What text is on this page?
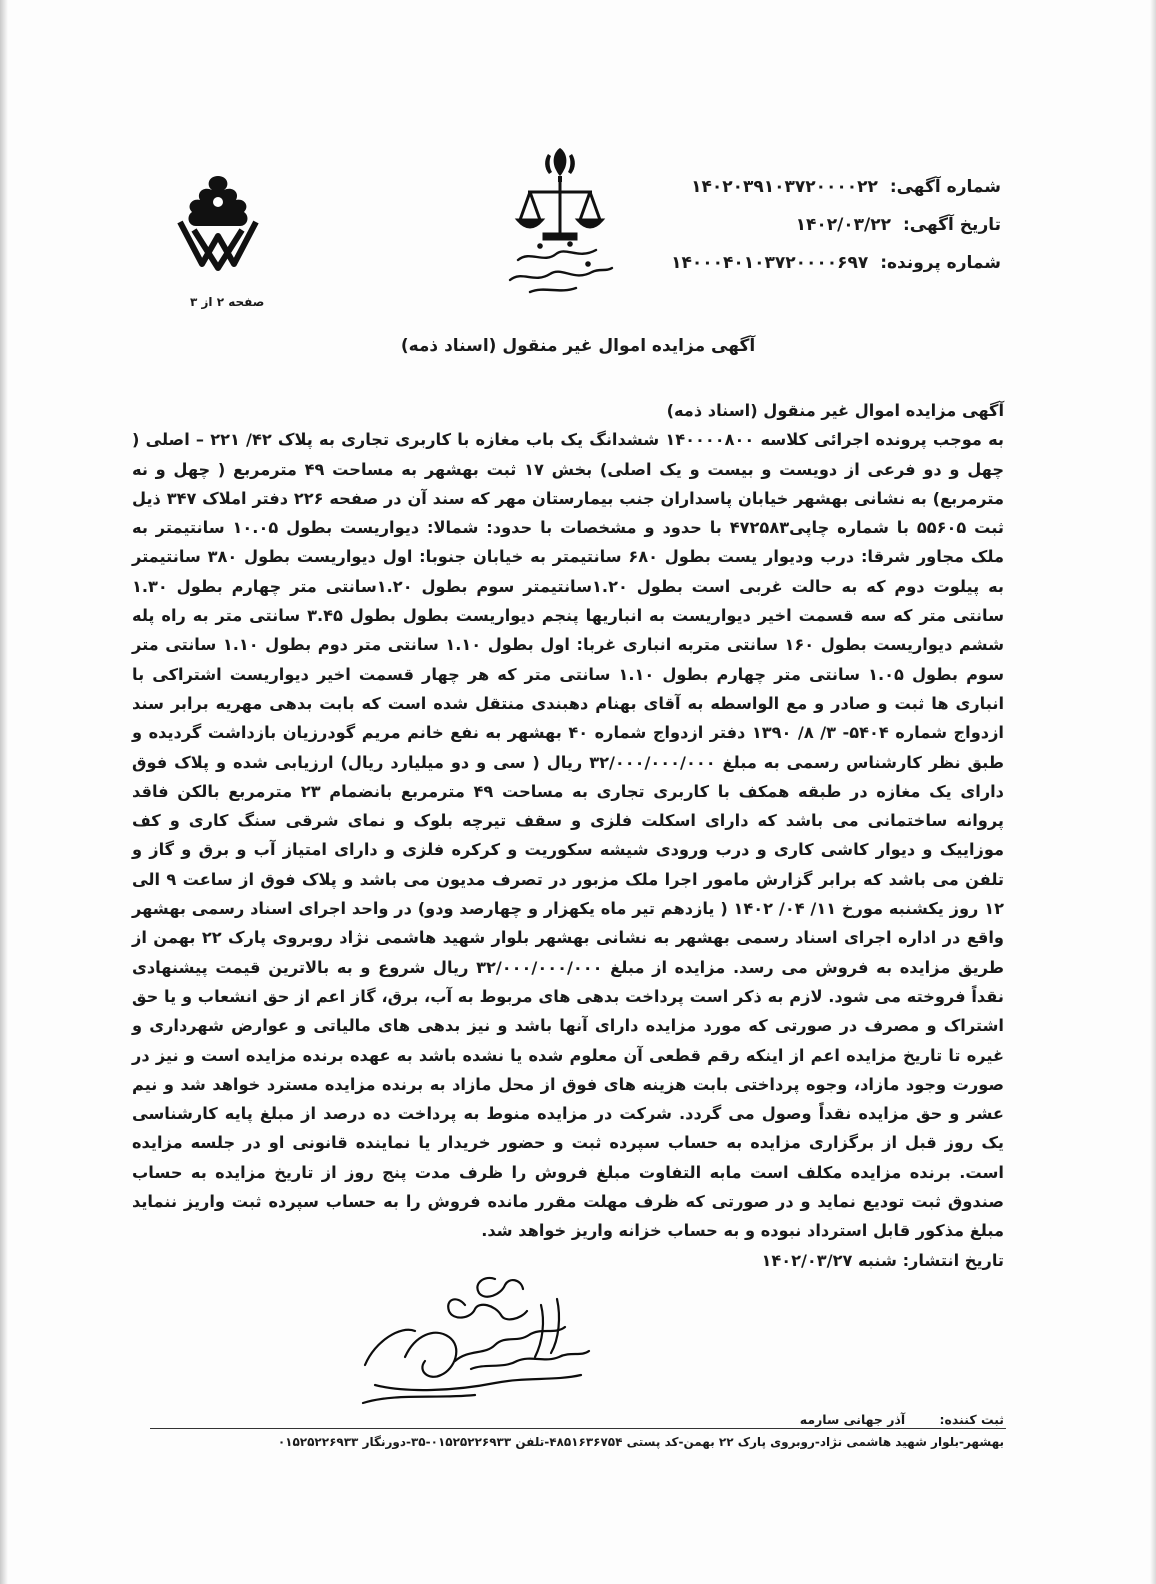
شماره آگهی: ۱۴۰۲۰۳۹۱۰۳۷۲۰۰۰۰۲۲
تاریخ آگهی: ۱۴۰۲/۰۳/۲۲
شماره پرونده: ۱۴۰۰۰۴۰۱۰۳۷۲۰۰۰۰۶۹۷
صفحه ۲ از ۳
آگهی مزایده اموال غیر منقول (اسناد ذمه)

آگهی مزایده اموال غیر منقول (اسناد ذمه)

به موجب پرونده اجرائی کلاسه ۱۴۰۰۰۰۸۰۰ ششدانگ یک باب مغازه با کاربری تجاری به پلاک ۴۲/ ۲۲۱ – اصلی ( چهل و دو فرعی از دویست و بیست و یک اصلی) بخش ۱۷ ثبت بهشهر به مساحت ۴۹ مترمربع ( چهل و نه مترمربع) به نشانی بهشهر خیابان پاسداران جنب بیمارستان مهر که سند آن در صفحه ۲۲۶ دفتر املاک ۳۴۷ ذیل ثبت ۵۵۶۰۵ با شماره چاپی۴۷۲۵۸۳ با حدود و مشخصات با حدود: شمالا: دیواریست بطول ۱۰.۰۵ سانتیمتر به ملک مجاور شرقا: درب ودیوار یست بطول ۶۸۰ سانتیمتر به خیابان جنوبا: اول دیواریست بطول ۳۸۰ سانتیمتر به پیلوت دوم که به حالت غربی است بطول ۱.۲۰سانتیمتر سوم بطول ۱.۲۰سانتی متر چهارم بطول ۱.۳۰ سانتی متر که سه قسمت اخیر دیواریست به انباریها پنجم دیواریست بطول بطول ۳.۴۵ سانتی متر به راه پله ششم دیواریست بطول ۱۶۰ سانتی متربه انباری غربا: اول بطول ۱.۱۰ سانتی متر دوم بطول ۱.۱۰ سانتی متر سوم بطول ۱.۰۵ سانتی متر چهارم بطول ۱.۱۰ سانتی متر که هر چهار قسمت اخیر دیواریست اشتراکی با انباری ها ثبت و صادر و مع الواسطه به آقای بهنام دهبندی منتقل شده است که بابت بدهی مهریه برابر سند ازدواج شماره ۵۴۰۴- ۳/ ۸/ ۱۳۹۰ دفتر ازدواج شماره ۴۰ بهشهر به نفع خانم مریم گودرزیان بازداشت گردیده و طبق نظر کارشناس رسمی به مبلغ ۳۲/۰۰۰/۰۰۰/۰۰۰ ریال ( سی و دو میلیارد ریال) ارزیابی شده و پلاک فوق دارای یک مغازه در طبقه همکف با کاربری تجاری به مساحت ۴۹ مترمربع بانضمام ۲۳ مترمربع بالکن فاقد پروانه ساختمانی می باشد که دارای اسکلت فلزی و سقف تیرچه بلوک و نمای شرقی سنگ کاری و کف موزاییک و دیوار کاشی کاری و درب ورودی شیشه سکوریت و کرکره فلزی و دارای امتیاز آب و برق و گاز و تلفن می باشد که برابر گزارش مامور اجرا ملک مزبور در تصرف مدیون می باشد و پلاک فوق از ساعت ۹ الی ۱۲ روز یکشنبه مورخ ۱۱/ ۰۴/ ۱۴۰۲ ( یازدهم تیر ماه یکهزار و چهارصد ودو) در واحد اجرای اسناد رسمی بهشهر واقع در اداره اجرای اسناد رسمی بهشهر به نشانی بهشهر بلوار شهید هاشمی نژاد روبروی پارک ۲۲ بهمن از طریق مزایده به فروش می رسد. مزایده از مبلغ ۳۲/۰۰۰/۰۰۰/۰۰۰ ریال شروع و به بالاترین قیمت پیشنهادی نقداً فروخته می شود. لازم به ذکر است پرداخت بدهی های مربوط به آب، برق، گاز اعم از حق انشعاب و یا حق اشتراک و مصرف در صورتی که مورد مزایده دارای آنها باشد و نیز بدهی های مالیاتی و عوارض شهرداری و غیره تا تاریخ مزایده اعم از اینکه رقم قطعی آن معلوم شده یا نشده باشد به عهده برنده مزایده است و نیز در صورت وجود مازاد، وجوه پرداختی بابت هزینه های فوق از محل مازاد به برنده مزایده مسترد خواهد شد و نیم عشر و حق مزایده نقداً وصول می گردد. شرکت در مزایده منوط به پرداخت ده درصد از مبلغ پایه کارشناسی یک روز قبل از برگزاری مزایده به حساب سپرده ثبت و حضور خریدار یا نماینده قانونی او در جلسه مزایده است. برنده مزایده مکلف است مابه التفاوت مبلغ فروش را ظرف مدت پنج روز از تاریخ مزایده به حساب صندوق ثبت تودیع نماید و در صورتی که ظرف مهلت مقرر مانده فروش را به حساب سپرده ثبت واریز ننماید مبلغ مذکور قابل استرداد نبوده و به حساب خزانه واریز خواهد شد.

تاریخ انتشار: شنبه ۱۴۰۲/۰۳/۲۷

ثبت کننده: آذر جهانی سارمه
بهشهر-بلوار شهید هاشمی نژاد-روبروی پارک ۲۲ بهمن-کد پستی ۴۸۵۱۶۳۶۷۵۴-تلفن ۰۱۵۲۵۲۲۶۹۳۳-۳۵-دورنگار ۰۱۵۲۵۲۲۶۹۳۳
